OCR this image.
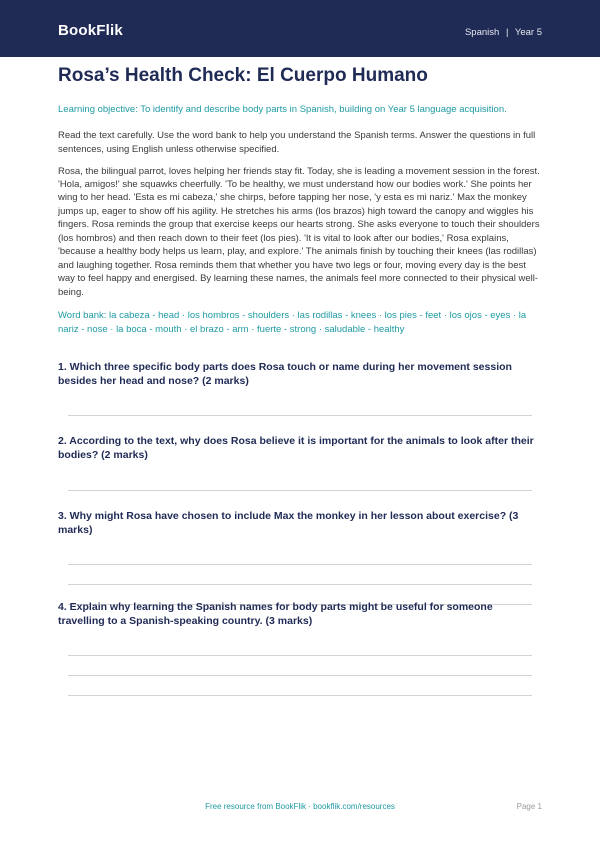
BookFlik	Spanish | Year 5
Rosa’s Health Check: El Cuerpo Humano
Learning objective: To identify and describe body parts in Spanish, building on Year 5 language acquisition.
Read the text carefully. Use the word bank to help you understand the Spanish terms. Answer the questions in full sentences, using English unless otherwise specified.
Rosa, the bilingual parrot, loves helping her friends stay fit. Today, she is leading a movement session in the forest. 'Hola, amigos!' she squawks cheerfully. 'To be healthy, we must understand how our bodies work.' She points her wing to her head. 'Esta es mi cabeza,' she chirps, before tapping her nose, 'y esta es mi nariz.' Max the monkey jumps up, eager to show off his agility. He stretches his arms (los brazos) high toward the canopy and wiggles his fingers. Rosa reminds the group that exercise keeps our hearts strong. She asks everyone to touch their shoulders (los hombros) and then reach down to their feet (los pies). 'It is vital to look after our bodies,' Rosa explains, 'because a healthy body helps us learn, play, and explore.' The animals finish by touching their knees (las rodillas) and laughing together. Rosa reminds them that whether you have two legs or four, moving every day is the best way to feel happy and energised. By learning these names, the animals feel more connected to their physical well-being.
Word bank: la cabeza - head · los hombros - shoulders · las rodillas - knees · los pies - feet · los ojos - eyes · la nariz - nose · la boca - mouth · el brazo - arm · fuerte - strong · saludable - healthy

1. Which three specific body parts does Rosa touch or name during her movement session besides her head and nose? (2 marks)

2. According to the text, why does Rosa believe it is important for the animals to look after their bodies? (2 marks)

3. Why might Rosa have chosen to include Max the monkey in her lesson about exercise? (3 marks)

4. Explain why learning the Spanish names for body parts might be useful for someone travelling to a Spanish-speaking country. (3 marks)

Free resource from BookFlik · bookflik.com/resources	Page 1
